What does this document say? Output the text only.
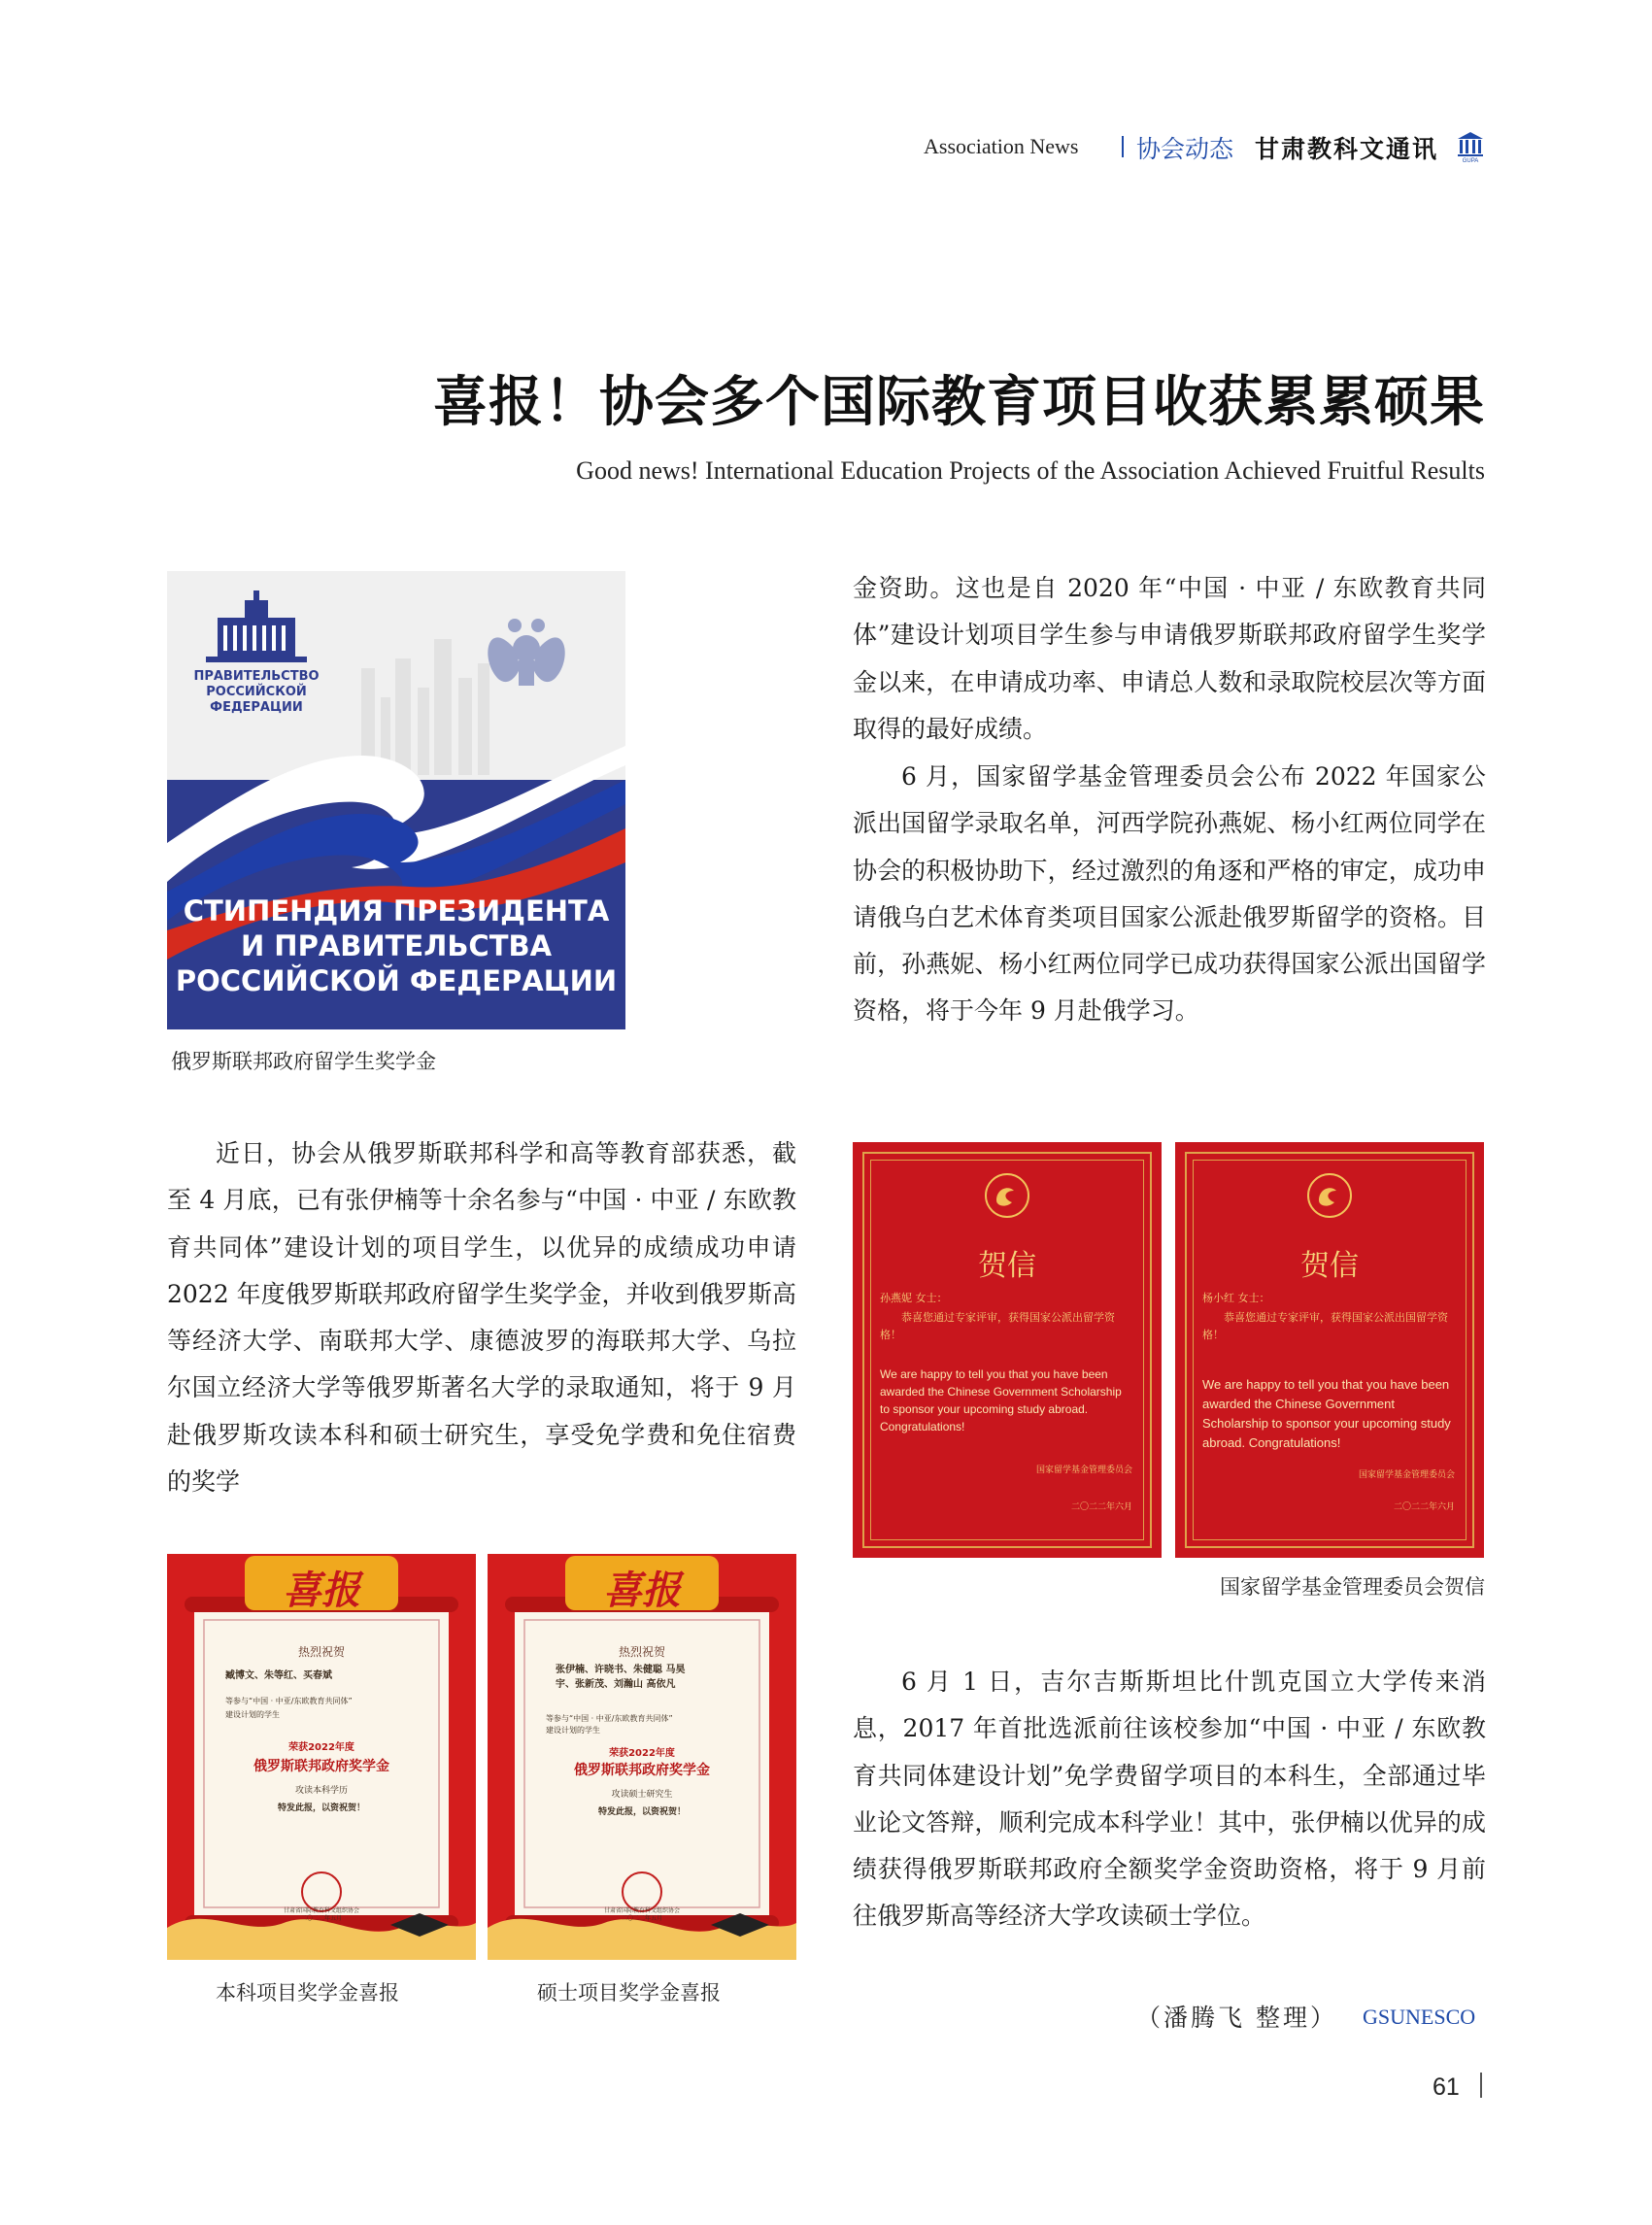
Association News 协会动态 甘肃教科文通讯	GUPA
喜报！协会多个国际教育项目收获累累硕果
Good news! International Education Projects of the Association Achieved Fruitful Results
ПРАВИТЕЛЬСТВО
РОССИЙСКОЙ
ФЕДЕРАЦИИ
СТИПЕНДИЯ ПРЕЗИДЕНТА
И ПРАВИТЕЛЬСТВА
РОССИЙСКОЙ ФЕДЕРАЦИИ
俄罗斯联邦政府留学生奖学金
金资助。这也是自 2020 年“中国 · 中亚 / 东欧教育共同体”建设计划项目学生参与申请俄罗斯联邦政府留学生奖学金以来，在申请成功率、申请总人数和录取院校层次等方面取得的最好成绩。
6 月，国家留学基金管理委员会公布 2022 年国家公派出国留学录取名单，河西学院孙燕妮、杨小红两位同学在协会的积极协助下，经过激烈的角逐和严格的审定，成功申请俄乌白艺术体育类项目国家公派赴俄罗斯留学的资格。目前，孙燕妮、杨小红两位同学已成功获得国家公派出国留学资格，将于今年 9 月赴俄学习。
近日，协会从俄罗斯联邦科学和高等教育部获悉，截至 4 月底，已有张伊楠等十余名参与“中国 · 中亚 / 东欧教育共同体”建设计划的项目学生，以优异的成绩成功申请 2022 年度俄罗斯联邦政府留学生奖学金，并收到俄罗斯高等经济大学、南联邦大学、康德波罗的海联邦大学、乌拉尔国立经济大学等俄罗斯著名大学的录取通知，将于 9 月赴俄罗斯攻读本科和硕士研究生，享受免学费和免住宿费的奖学
贺信
孙燕妮 女士：
恭喜您通过专家评审，获得国家公派出留学资格！
We are happy to tell you that you have been awarded the Chinese Government Scholarship to sponsor your upcoming study abroad. Congratulations!
国家留学基金管理委员会
二〇二二年六月
贺信
杨小红 女士：
恭喜您通过专家评审，获得国家公派出国留学资格！
We are happy to tell you that you have been awarded the Chinese Government Scholarship to sponsor your upcoming study abroad. Congratulations!
国家留学基金管理委员会
二〇二二年六月
国家留学基金管理委员会贺信
6 月 1 日，吉尔吉斯斯坦比什凯克国立大学传来消息，2017 年首批选派前往该校参加“中国 · 中亚 / 东欧教育共同体建设计划”免学费留学项目的本科生，全部通过毕业论文答辩，顺利完成本科学业！其中，张伊楠以优异的成绩获得俄罗斯联邦政府全额奖学金资助资格，将于 9 月前往俄罗斯高等经济大学攻读硕士学位。
喜报
热烈祝贺
臧博文、朱等红、买春斌
等参与“中国 · 中亚/东欧教育共同体”
建设计划的学生
荣获2022年度
俄罗斯联邦政府奖学金
攻读本科学历
特发此报，以资祝贺！
甘肃省国际教育科文组织协会
二〇二二年五月
本科项目奖学金喜报
喜报
热烈祝贺
张伊楠、许晓书、朱健聪 马昊宇、张新茂、刘瀚山 高依凡
等参与“中国 · 中亚/东欧教育共同体”
建设计划的学生
荣获2022年度
俄罗斯联邦政府奖学金
攻读硕士研究生
特发此报，以资祝贺！
甘肃省国际教育科文组织协会
二〇二二年五月
硕士项目奖学金喜报
（潘腾飞 整理） GSUNESCO
61
